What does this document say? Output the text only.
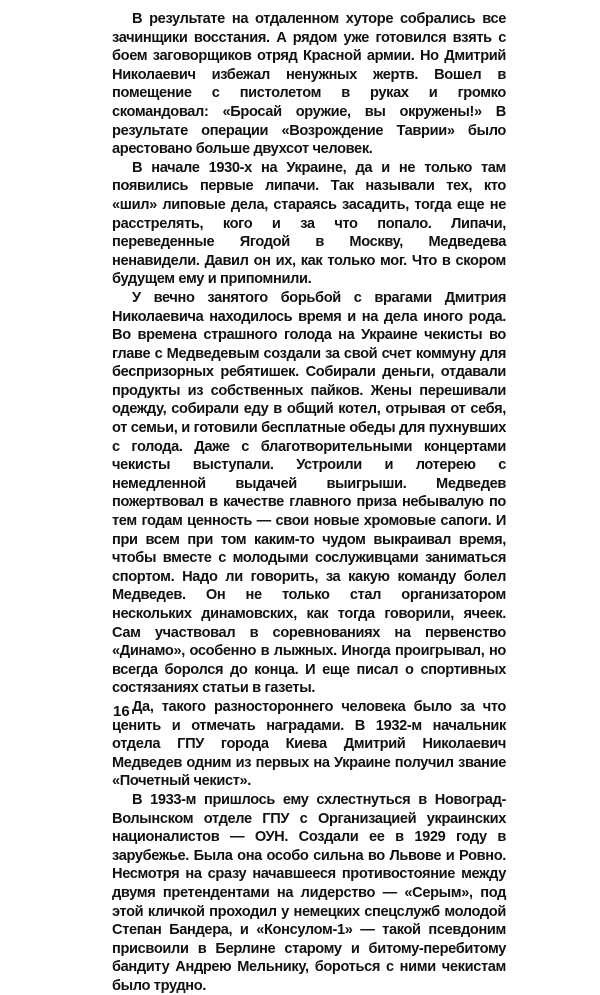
В результате на отдаленном хуторе собрались все зачинщики восстания. А рядом уже готовился взять с боем заговорщиков отряд Красной армии. Но Дмитрий Николаевич избежал ненужных жертв. Вошел в помещение с пистолетом в руках и громко скомандовал: «Бросай оружие, вы окружены!» В результате операции «Возрождение Таврии» было арестовано больше двухсот человек.

В начале 1930-х на Украине, да и не только там появились первые липачи. Так называли тех, кто «шил» липовые дела, стараясь засадить, тогда еще не расстрелять, кого и за что попало. Липачи, переведенные Ягодой в Москву, Медведева ненавидели. Давил он их, как только мог. Что в скором будущем ему и припомнили.

У вечно занятого борьбой с врагами Дмитрия Николаевича находилось время и на дела иного рода. Во времена страшного голода на Украине чекисты во главе с Медведевым создали за свой счет коммуну для беспризорных ребятишек. Собирали деньги, отдавали продукты из собственных пайков. Жены перешивали одежду, собирали еду в общий котел, отрывая от себя, от семьи, и готовили бесплатные обеды для пухнувших с голода. Даже с благотворительными концертами чекисты выступали. Устроили и лотерею с немедленной выдачей выигрыши. Медведев пожертвовал в качестве главного приза небывалую по тем годам ценность — свои новые хромовые сапоги. И при всем при том каким-то чудом выкраивал время, чтобы вместе с молодыми сослуживцами заниматься спортом. Надо ли говорить, за какую команду болел Медведев. Он не только стал организатором нескольких динамовских, как тогда говорили, ячеек. Сам участвовал в соревнованиях на первенство «Динамо», особенно в лыжных. Иногда проигрывал, но всегда боролся до конца. И еще писал о спортивных состязаниях статьи в газеты.

Да, такого разностороннего человека было за что ценить и отмечать наградами. В 1932-м начальник отдела ГПУ города Киева Дмитрий Николаевич Медведев одним из первых на Украине получил звание «Почетный чекист».

В 1933-м пришлось ему схлестнуться в Новоград-Волынском отделе ГПУ с Организацией украинских националистов — ОУН. Создали ее в 1929 году в зарубежье. Была она особо сильна во Львове и Ровно. Несмотря на сразу начавшееся противостояние между двумя претендентами на лидерство — «Серым», под этой кличкой проходил у немецких спецслужб молодой Степан Бандера, и «Консулом-1» — такой псевдоним присвоили в Берлине старому и битому-перебитому бандиту Андрею Мельнику, бороться с ними чекистам было трудно.

16
